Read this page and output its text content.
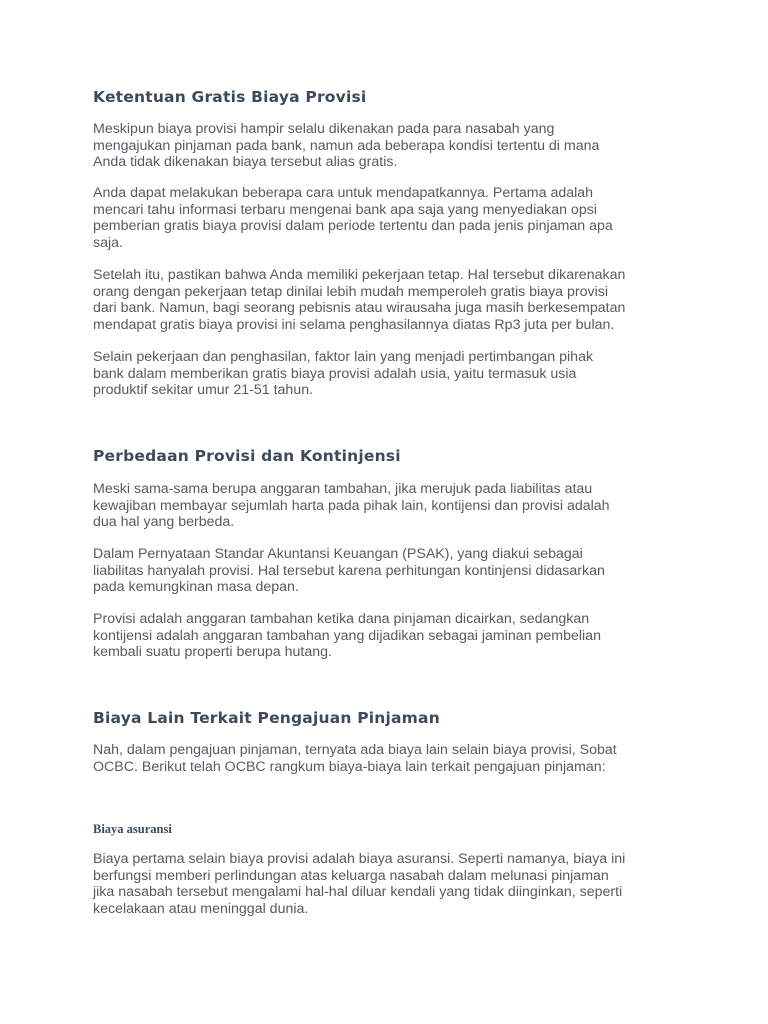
Ketentuan Gratis Biaya Provisi

Meskipun biaya provisi hampir selalu dikenakan pada para nasabah yang
mengajukan pinjaman pada bank, namun ada beberapa kondisi tertentu di mana
Anda tidak dikenakan biaya tersebut alias gratis.

Anda dapat melakukan beberapa cara untuk mendapatkannya. Pertama adalah
mencari tahu informasi terbaru mengenai bank apa saja yang menyediakan opsi
pemberian gratis biaya provisi dalam periode tertentu dan pada jenis pinjaman apa
saja.

Setelah itu, pastikan bahwa Anda memiliki pekerjaan tetap. Hal tersebut dikarenakan
orang dengan pekerjaan tetap dinilai lebih mudah memperoleh gratis biaya provisi
dari bank. Namun, bagi seorang pebisnis atau wirausaha juga masih berkesempatan
mendapat gratis biaya provisi ini selama penghasilannya diatas Rp3 juta per bulan.

Selain pekerjaan dan penghasilan, faktor lain yang menjadi pertimbangan pihak
bank dalam memberikan gratis biaya provisi adalah usia, yaitu termasuk usia
produktif sekitar umur 21-51 tahun.

Perbedaan Provisi dan Kontinjensi

Meski sama-sama berupa anggaran tambahan, jika merujuk pada liabilitas atau
kewajiban membayar sejumlah harta pada pihak lain, kontijensi dan provisi adalah
dua hal yang berbeda.

Dalam Pernyataan Standar Akuntansi Keuangan (PSAK), yang diakui sebagai
liabilitas hanyalah provisi. Hal tersebut karena perhitungan kontinjensi didasarkan
pada kemungkinan masa depan.

Provisi adalah anggaran tambahan ketika dana pinjaman dicairkan, sedangkan
kontijensi adalah anggaran tambahan yang dijadikan sebagai jaminan pembelian
kembali suatu properti berupa hutang.

Biaya Lain Terkait Pengajuan Pinjaman

Nah, dalam pengajuan pinjaman, ternyata ada biaya lain selain biaya provisi, Sobat
OCBC. Berikut telah OCBC rangkum biaya-biaya lain terkait pengajuan pinjaman:

Biaya asuransi

Biaya pertama selain biaya provisi adalah biaya asuransi. Seperti namanya, biaya ini
berfungsi memberi perlindungan atas keluarga nasabah dalam melunasi pinjaman
jika nasabah tersebut mengalami hal-hal diluar kendali yang tidak diinginkan, seperti
kecelakaan atau meninggal dunia.
